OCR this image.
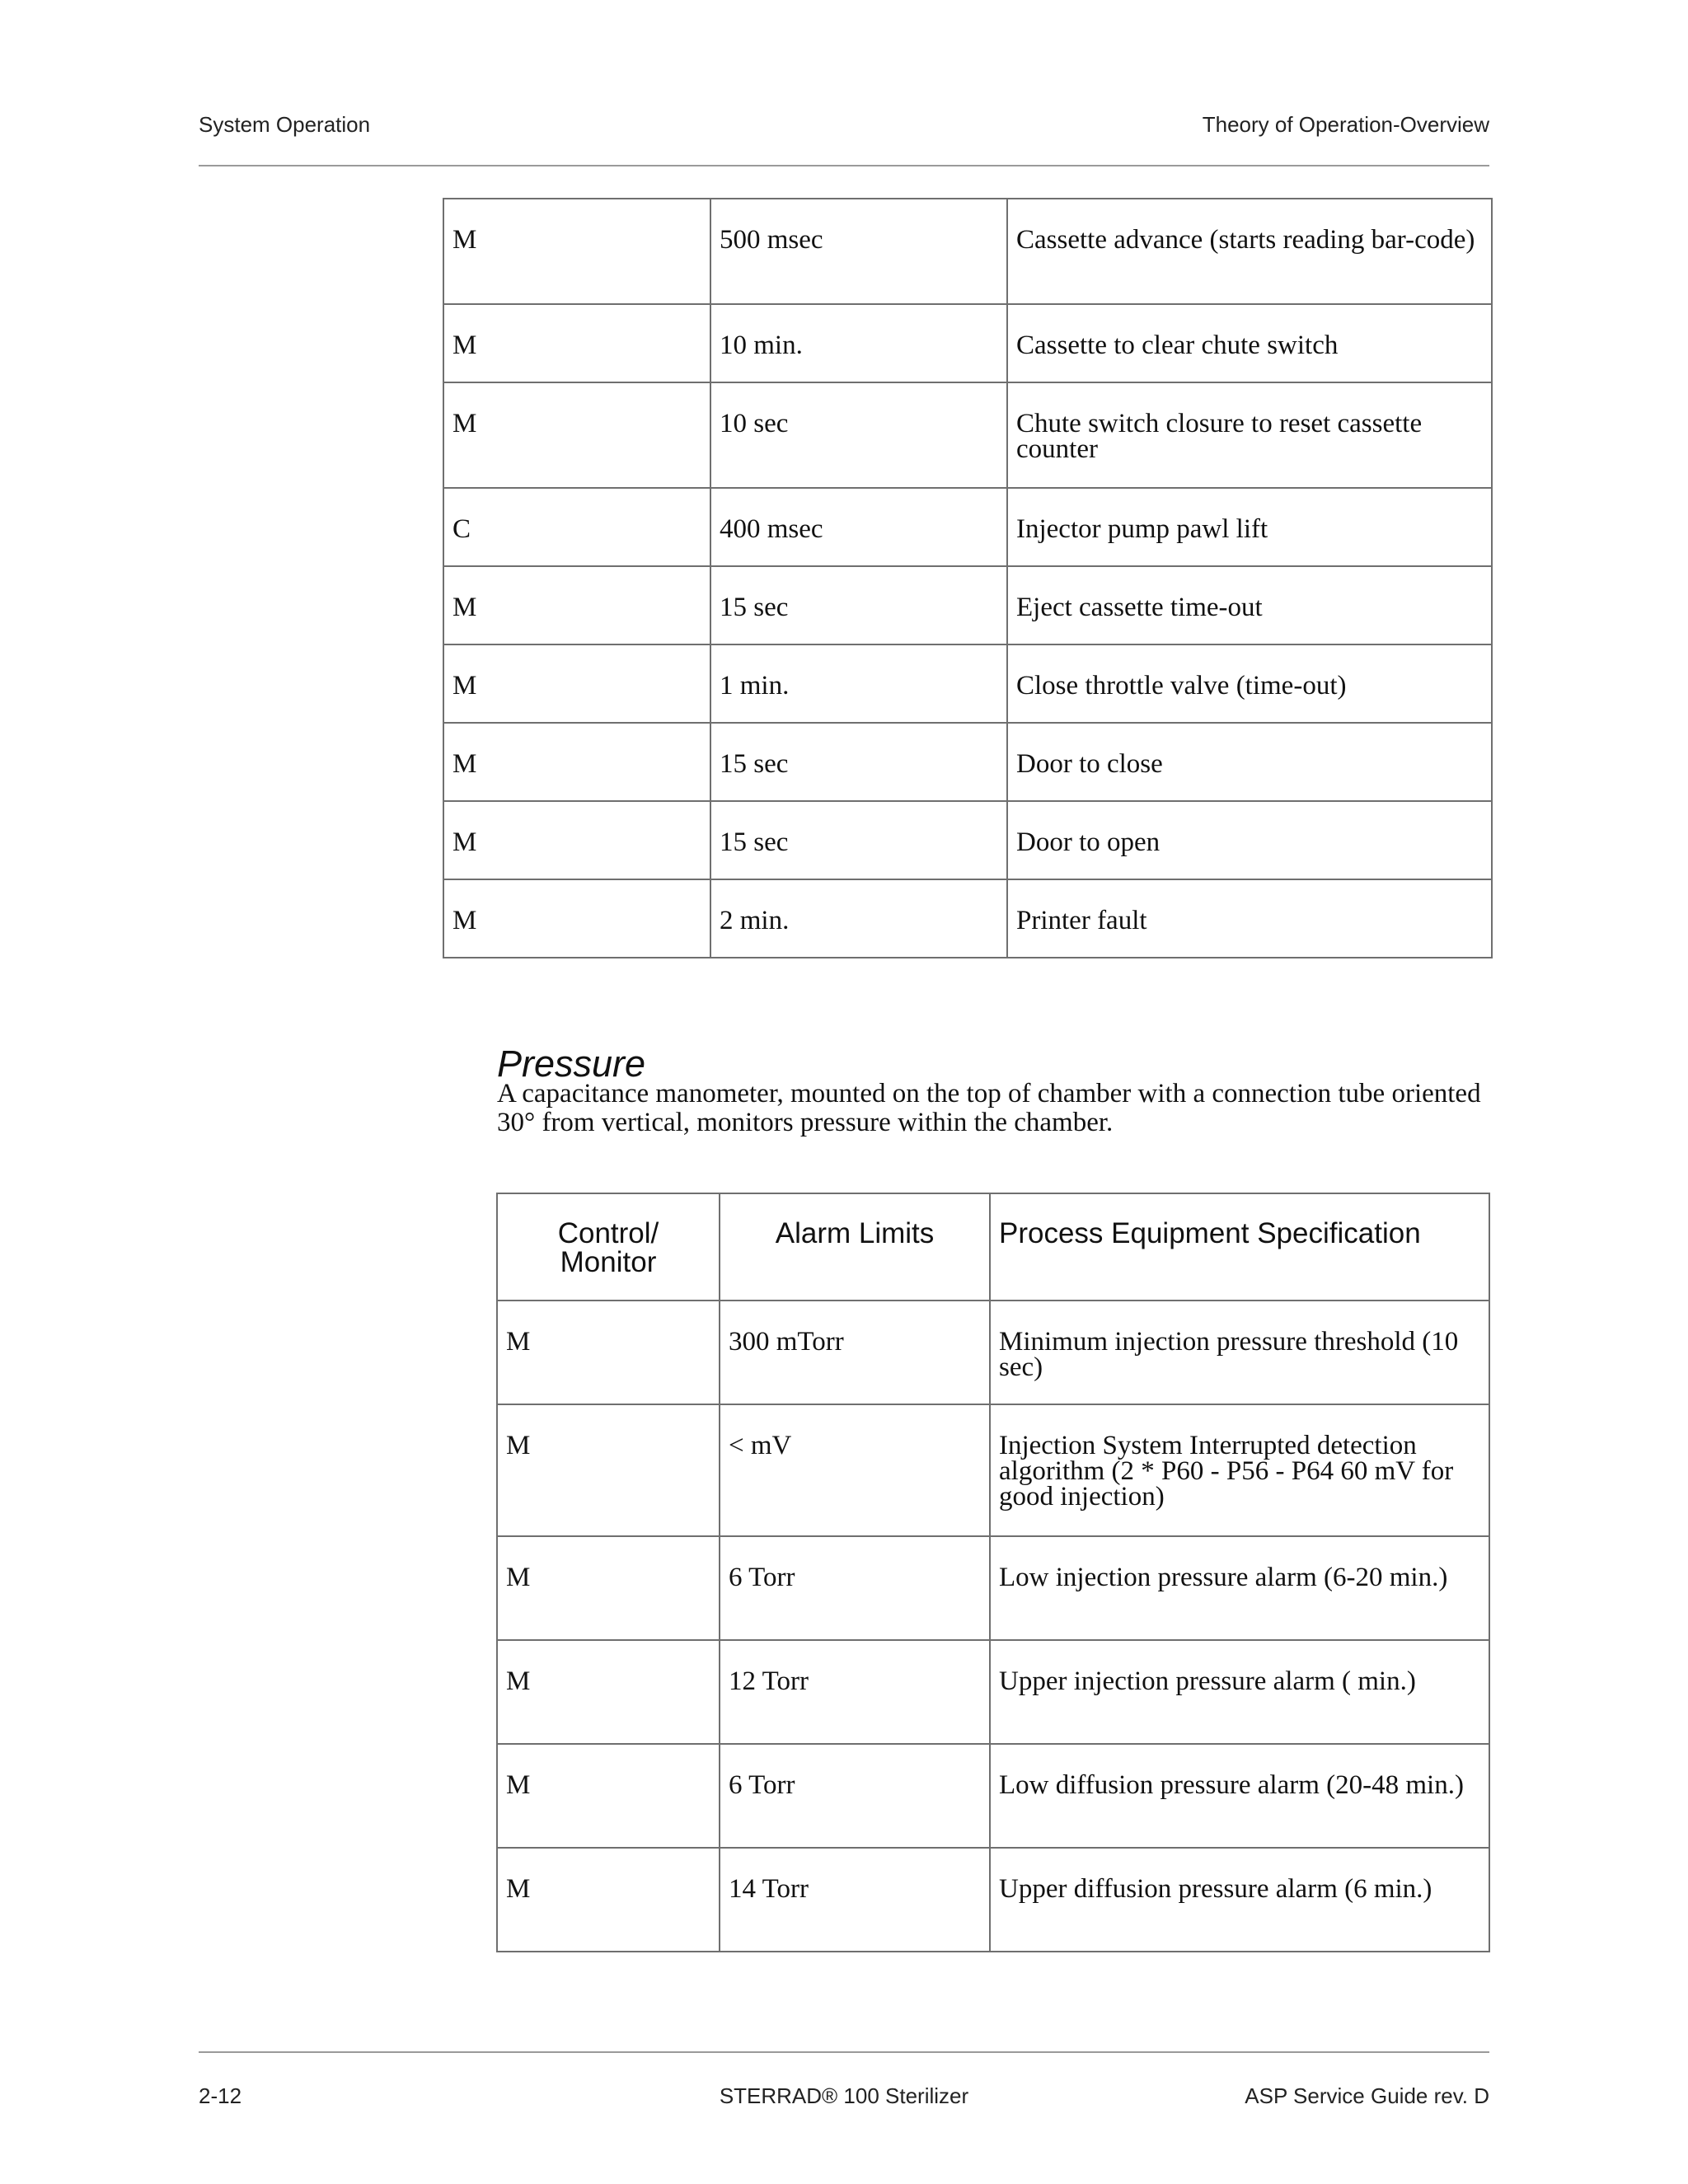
System Operation	Theory of Operation-Overview
M	500 msec	Cassette advance (starts reading bar-code)
M	10 min.	Cassette to clear chute switch
M	10 sec	Chute switch closure to reset cassette counter
C	400 msec	Injector pump pawl lift
M	15 sec	Eject cassette time-out
M	1 min.	Close throttle valve (time-out)
M	15 sec	Door to close
M	15 sec	Door to open
M	2 min.	Printer fault
Pressure

A capacitance manometer, mounted on the top of chamber with a connection tube oriented 30° from vertical, monitors pressure within the chamber.

Control/ Monitor	Alarm Limits	Process Equipment Specification
M	300 mTorr	Minimum injection pressure threshold (10 sec)
M	< mV	Injection System Interrupted detection algorithm (2 * P60 - P56 - P64 60 mV for good injection)
M	6 Torr	Low injection pressure alarm (6-20 min.)
M	12 Torr	Upper injection pressure alarm ( min.)
M	6 Torr	Low diffusion pressure alarm (20-48 min.)
M	14 Torr	Upper diffusion pressure alarm (6 min.)
2-12	STERRAD® 100 Sterilizer	ASP Service Guide rev. D
